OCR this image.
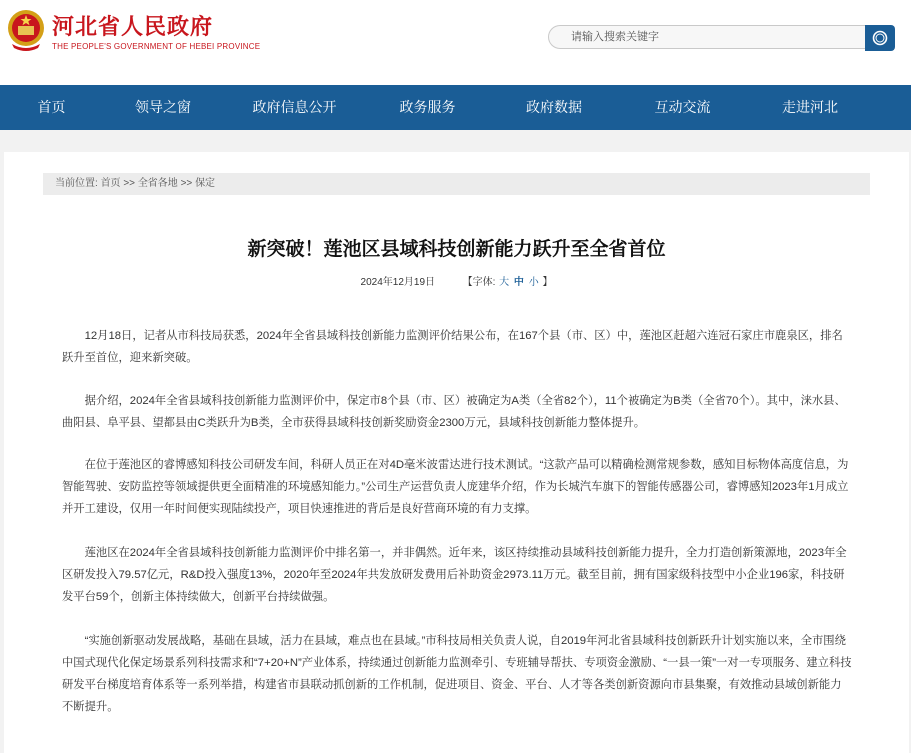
河北省人民政府
THE PEOPLE'S GOVERNMENT OF HEBEI PROVINCE
请输入搜索关键字
首页	领导之窗	政府信息公开	政务服务	政府数据	互动交流	走进河北
当前位置: 首页 >> 全省各地 >> 保定
新突破！莲池区县域科技创新能力跃升至全省首位
2024年12月19日	【字体: 大 中 小 】

12月18日，记者从市科技局获悉，2024年全省县域科技创新能力监测评价结果公布，在167个县（市、区）中，莲池区赶超六连冠石家庄市鹿泉区，排名跃升至首位，迎来新突破。

据介绍，2024年全省县域科技创新能力监测评价中，保定市8个县（市、区）被确定为A类（全省82个），11个被确定为B类（全省70个）。其中，涞水县、曲阳县、阜平县、望都县由C类跃升为B类，全市获得县域科技创新奖励资金2300万元，县域科技创新能力整体提升。

在位于莲池区的睿博感知科技公司研发车间，科研人员正在对4D毫米波雷达进行技术测试。“这款产品可以精确检测常规参数，感知目标物体高度信息，为智能驾驶、安防监控等领域提供更全面精准的环境感知能力。”公司生产运营负责人庞建华介绍，作为长城汽车旗下的智能传感器公司，睿博感知2023年1月成立并开工建设，仅用一年时间便实现陆续投产，项目快速推进的背后是良好营商环境的有力支撑。

莲池区在2024年全省县域科技创新能力监测评价中排名第一，并非偶然。近年来，该区持续推动县域科技创新能力提升，全力打造创新策源地，2023年全区研发投入79.57亿元，R&D投入强度13%，2020年至2024年共发放研发费用后补助资金2973.11万元。截至目前，拥有国家级科技型中小企业196家，科技研发平台59个，创新主体持续做大，创新平台持续做强。

“实施创新驱动发展战略，基础在县域，活力在县域，难点也在县域。”市科技局相关负责人说，自2019年河北省县域科技创新跃升计划实施以来，全市围绕中国式现代化保定场景系列科技需求和“7+20+N”产业体系，持续通过创新能力监测牵引、专班辅导帮扶、专项资金激励、“一县一策”一对一专项服务、建立科技研发平台梯度培育体系等一系列举措，构建省市县联动抓创新的工作机制，促进项目、资金、平台、人才等各类创新资源向市县集聚，有效推动县域创新能力不断提升。
